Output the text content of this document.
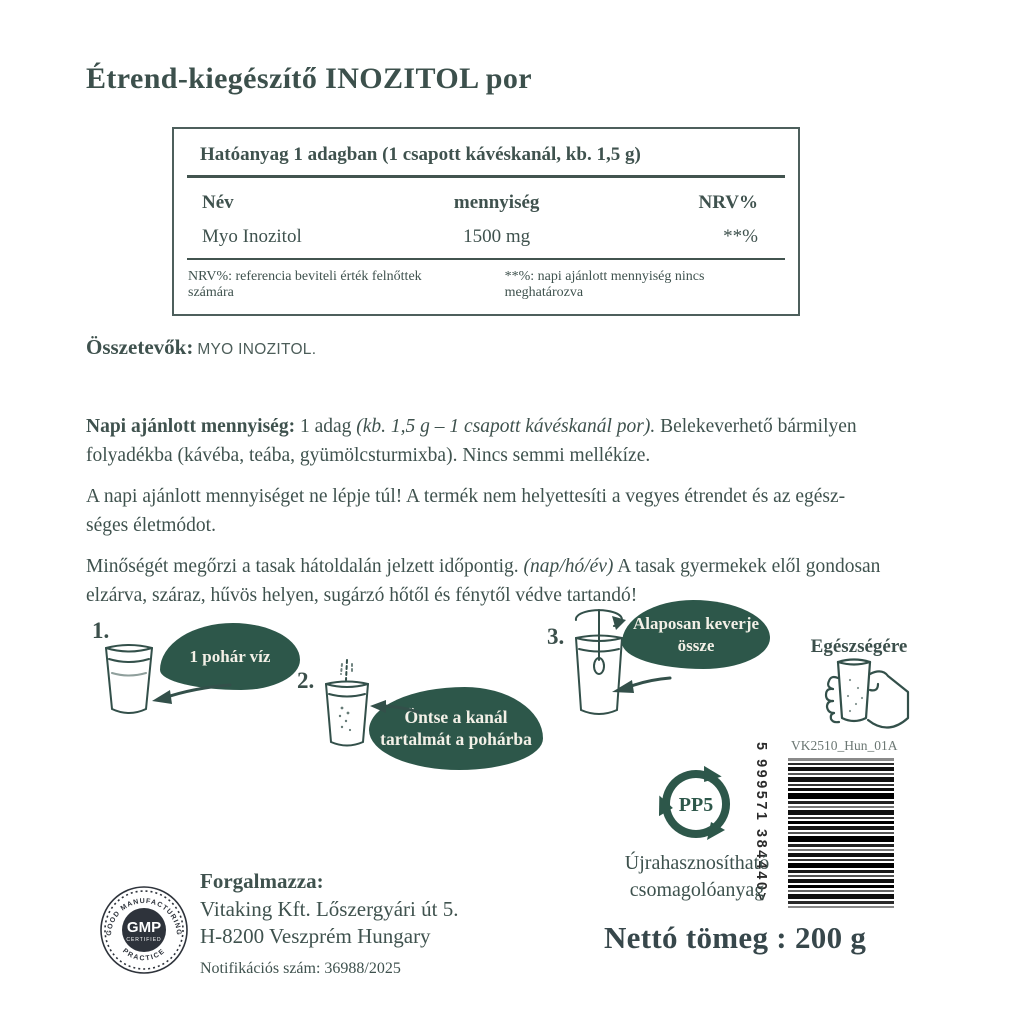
Étrend-kiegészítő INOZITOL por
Hatóanyag 1 adagban (1 csapott kávéskanál, kb. 1,5 g)
Név	mennyiség	NRV%
Myo Inozitol	1500 mg	**%
NRV%: referencia beviteli érték felnőttek számára
**%: napi ajánlott mennyiség nincs meghatározva
Összetevők: MYO INOZITOL.

Napi ajánlott mennyiség: 1 adag (kb. 1,5 g – 1 csapott kávéskanál por). Belekeverhető bármilyen
folyadékba (kávéba, teába, gyümölcsturmixba). Nincs semmi mellékíze.

A napi ajánlott mennyiséget ne lépje túl! A termék nem helyettesíti a vegyes étrendet és az egész-
séges életmódot.

Minőségét megőrzi a tasak hátoldalán jelzett időpontig. (nap/hó/év) A tasak gyermekek elől gondosan
elzárva, száraz, hűvös helyen, sugárzó hőtől és fénytől védve tartandó!

1.
1 pohár víz
2.
Öntse a kanál tartalmát a pohárba
3.
Alaposan keverje össze	Egészségére
VK2510_Hun_01A
5 999571 384440>
PP5
Újrahasznosítható
csomagolóanyag
Nettó tömeg : 200 g
GOOD MANUFACTURING
PRACTICE
GMP
CERTIFIED
Forgalmazza:
Vitaking Kft. Lőszergyári út 5.
H-8200 Veszprém Hungary
Notifikációs szám: 36988/2025
